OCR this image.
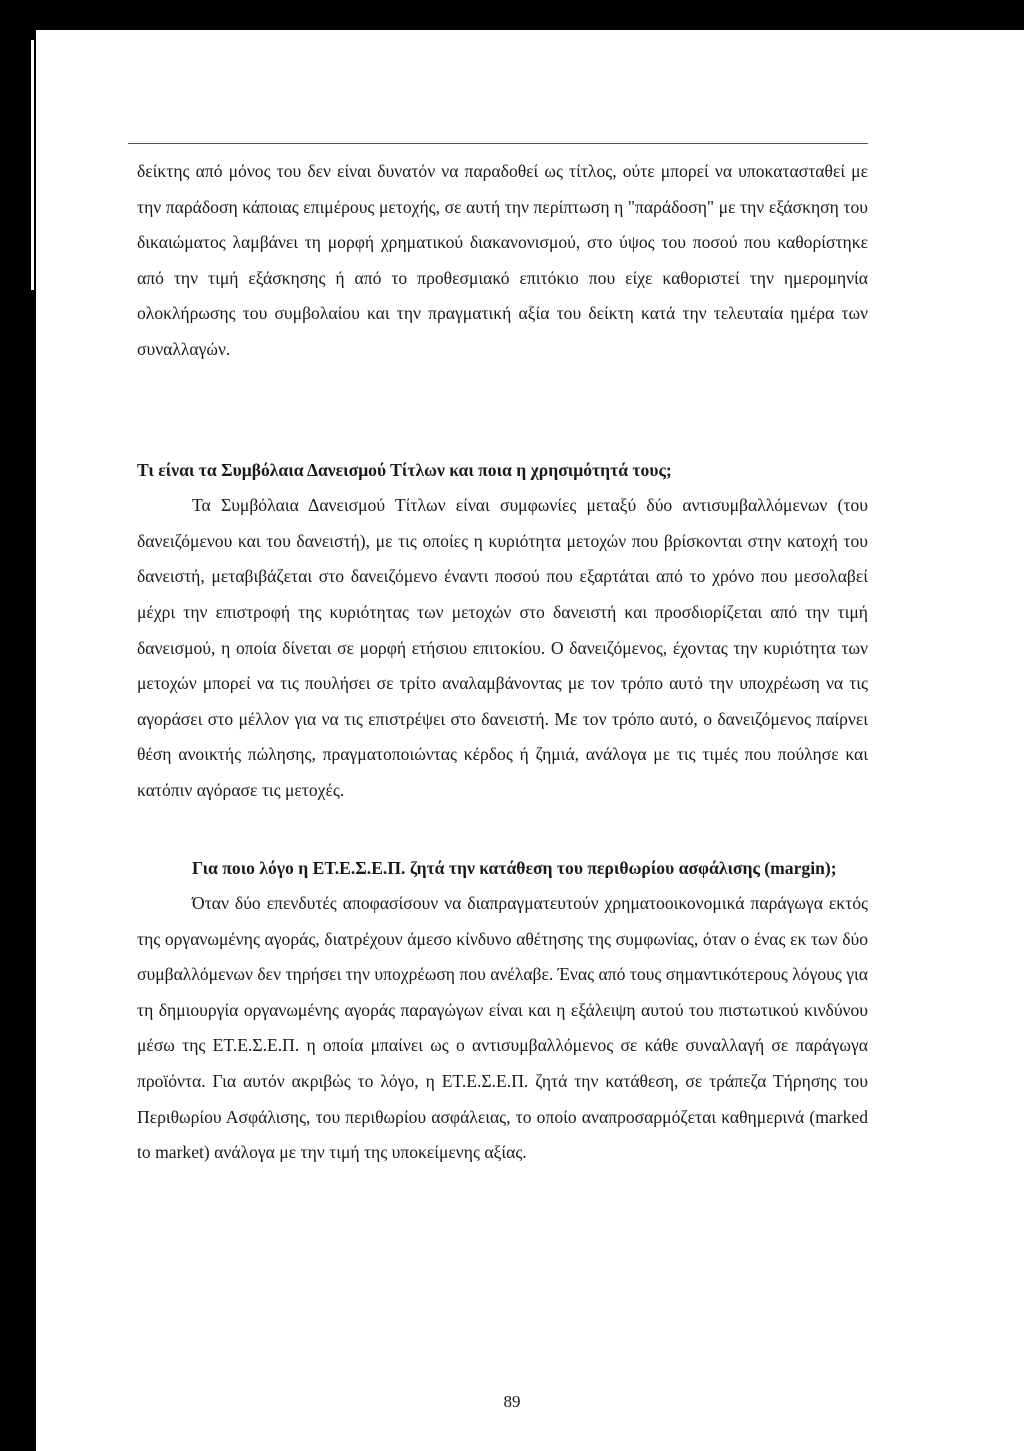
δείκτης από μόνος του δεν είναι δυνατόν να παραδοθεί ως τίτλος, ούτε μπορεί να υποκατασταθεί με την παράδοση κάποιας επιμέρους μετοχής, σε αυτή την περίπτωση η "παράδοση" με την εξάσκηση του δικαιώματος λαμβάνει τη μορφή χρηματικού διακανονισμού, στο ύψος του ποσού που καθορίστηκε από την τιμή εξάσκησης ή από το προθεσμιακό επιτόκιο που είχε καθοριστεί την ημερομηνία ολοκλήρωσης του συμβολαίου και την πραγματική αξία του δείκτη κατά την τελευταία ημέρα των συναλλαγών.

Τι είναι τα Συμβόλαια Δανεισμού Τίτλων και ποια η χρησιμότητά τους;

Τα Συμβόλαια Δανεισμού Τίτλων είναι συμφωνίες μεταξύ δύο αντισυμβαλλόμενων (του δανειζόμενου και του δανειστή), με τις οποίες η κυριότητα μετοχών που βρίσκονται στην κατοχή του δανειστή, μεταβιβάζεται στο δανειζόμενο έναντι ποσού που εξαρτάται από το χρόνο που μεσολαβεί μέχρι την επιστροφή της κυριότητας των μετοχών στο δανειστή και προσδιορίζεται από την τιμή δανεισμού, η οποία δίνεται σε μορφή ετήσιου επιτοκίου. Ο δανειζόμενος, έχοντας την κυριότητα των μετοχών μπορεί να τις πουλήσει σε τρίτο αναλαμβάνοντας με τον τρόπο αυτό την υποχρέωση να τις αγοράσει στο μέλλον για να τις επιστρέψει στο δανειστή. Με τον τρόπο αυτό, ο δανειζόμενος παίρνει θέση ανοικτής πώλησης, πραγματοποιώντας κέρδος ή ζημιά, ανάλογα με τις τιμές που πούλησε και κατόπιν αγόρασε τις μετοχές.

Για ποιο λόγο η ΕΤ.Ε.Σ.Ε.Π. ζητά την κατάθεση του περιθωρίου ασφάλισης (margin);

Όταν δύο επενδυτές αποφασίσουν να διαπραγματευτούν χρηματοοικονομικά παράγωγα εκτός της οργανωμένης αγοράς, διατρέχουν άμεσο κίνδυνο αθέτησης της συμφωνίας, όταν ο ένας εκ των δύο συμβαλλόμενων δεν τηρήσει την υποχρέωση που ανέλαβε. Ένας από τους σημαντικότερους λόγους για τη δημιουργία οργανωμένης αγοράς παραγώγων είναι και η εξάλειψη αυτού του πιστωτικού κινδύνου μέσω της ΕΤ.Ε.Σ.Ε.Π. η οποία μπαίνει ως ο αντισυμβαλλόμενος σε κάθε συναλλαγή σε παράγωγα προϊόντα. Για αυτόν ακριβώς το λόγο, η ΕΤ.Ε.Σ.Ε.Π. ζητά την κατάθεση, σε τράπεζα Τήρησης του Περιθωρίου Ασφάλισης, του περιθωρίου ασφάλειας, το οποίο αναπροσαρμόζεται καθημερινά (marked to market) ανάλογα με την τιμή της υποκείμενης αξίας.

89
